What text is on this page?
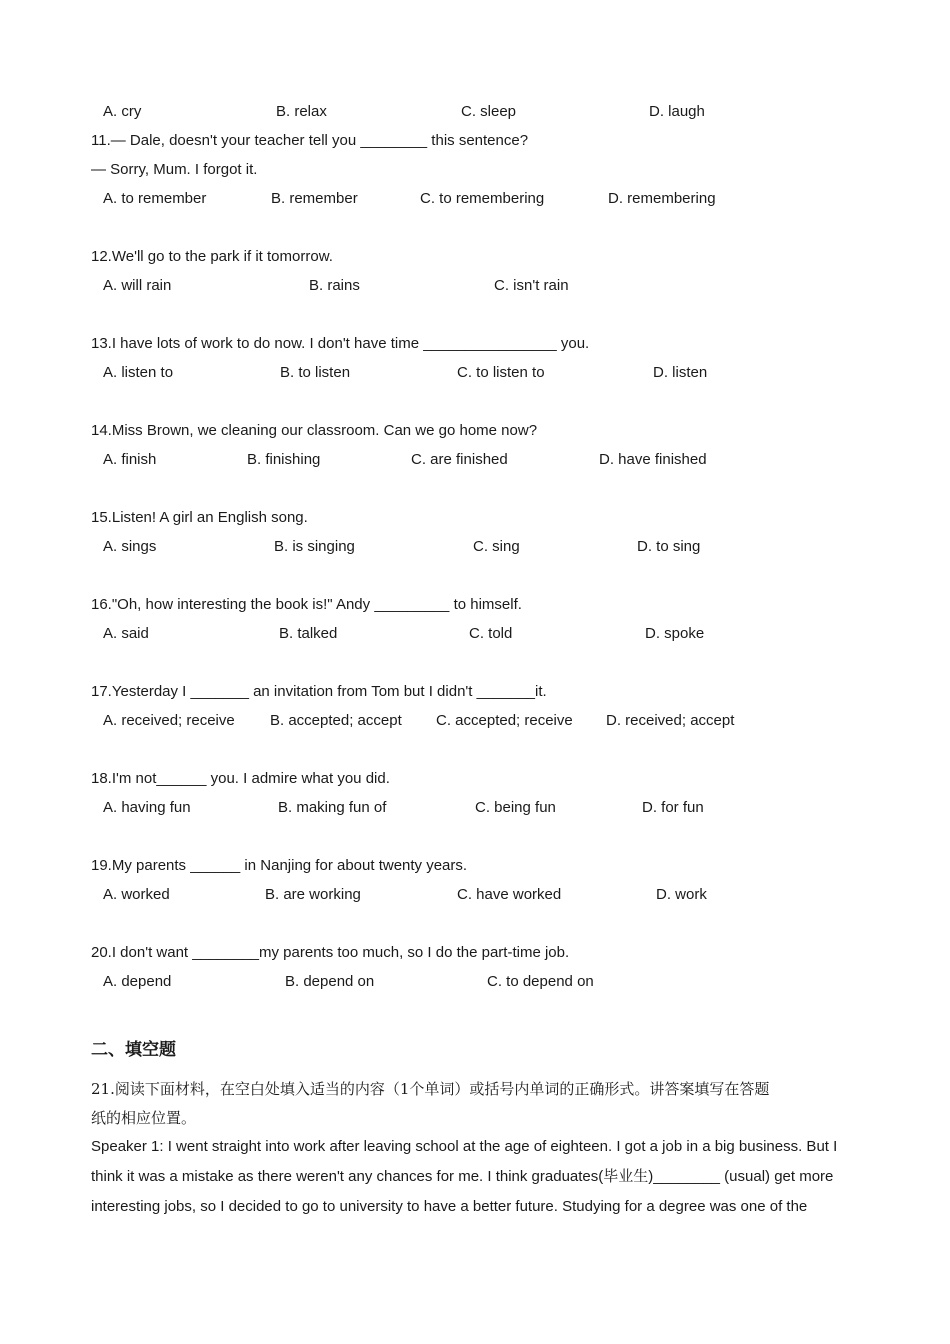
A. cry	B. relax	C. sleep	D. laugh
11.— Dale, doesn't your teacher tell you ________ this sentence?
— Sorry, Mum. I forgot it.
A. to remember	B. remember	C. to remembering	D. remembering
12.We'll go to the park if it tomorrow.
A. will rain	B. rains	C. isn't rain
13.I have lots of work to do now. I don't have time ________________ you.
A. listen to	B. to listen	C. to listen to	D. listen
14.Miss Brown, we cleaning our classroom. Can we go home now?
A. finish	B. finishing	C. are finished	D. have finished
15.Listen! A girl an English song.
A. sings	B. is singing	C. sing	D. to sing
16."Oh, how interesting the book is!" Andy _________ to himself.
A. said	B. talked	C. told	D. spoke
17.Yesterday I _______ an invitation from Tom but I didn't _______it.
A. received; receive B. accepted; accept C. accepted; receive D. received; accept
18.I'm not______ you. I admire what you did.
A. having fun	B. making fun of	C. being fun	D. for fun
19.My parents ______ in Nanjing for about twenty years.
A. worked	B. are working	C. have worked	D. work
20.I don't want ________my parents too much, so I do the part-time job.
A. depend	B. depend on	C. to depend on
二、填空题
21.阅读下面材料，在空白处填入适当的内容（1个单词）或括号内单词的正确形式。讲答案填写在答题
纸的相应位置。
Speaker 1: I went straight into work after leaving school at the age of eighteen. I got a job in a big business. But I
think it was a mistake as there weren't any chances for me. I think graduates(毕业生)________ (usual) get more
interesting jobs, so I decided to go to university to have a better future. Studying for a degree was one of the
